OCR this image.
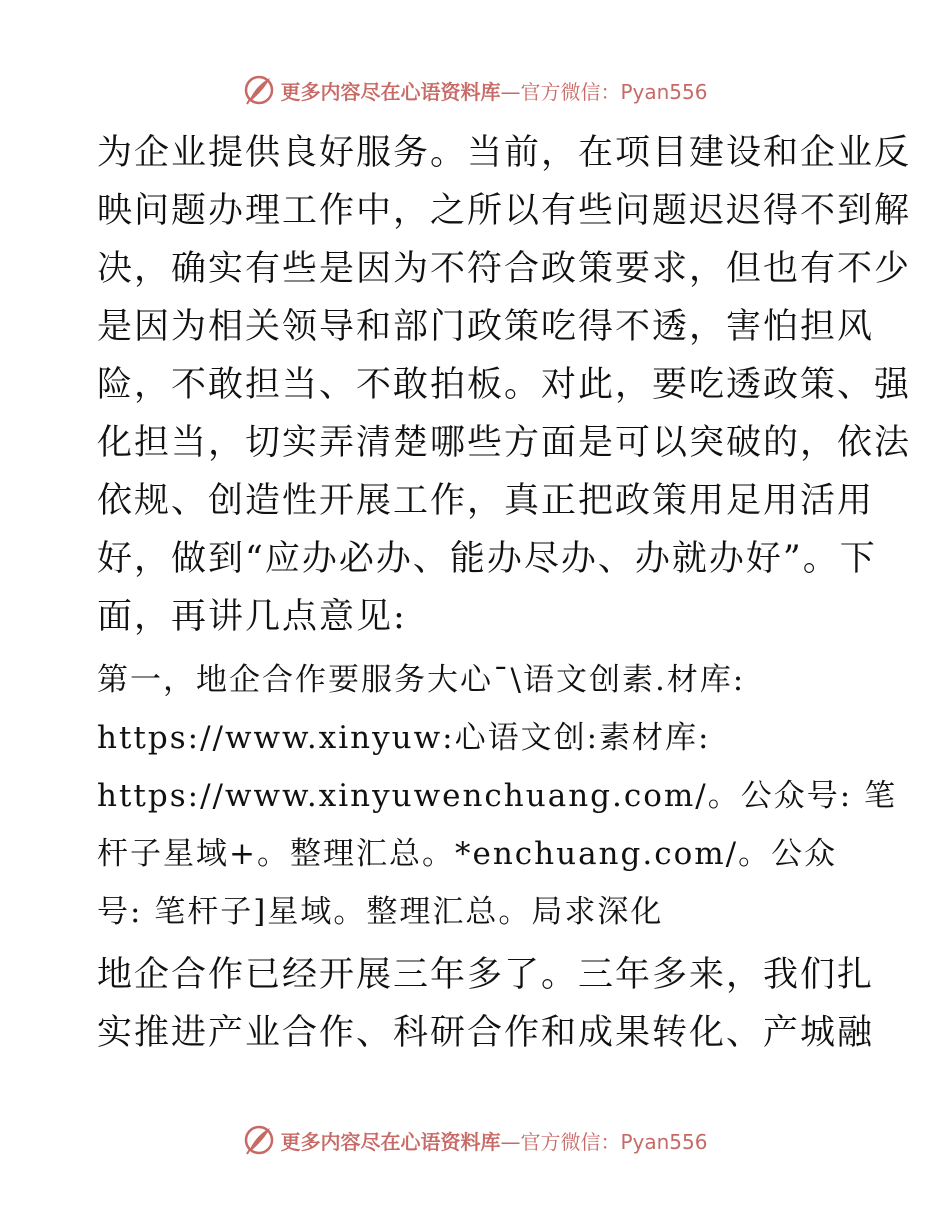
更多内容尽在心语资料库 —官方微信：Pyan556
为企业提供良好服务。当前，在项目建设和企业反
映问题办理工作中，之所以有些问题迟迟得不到解
决，确实有些是因为不符合政策要求，但也有不少
是因为相关领导和部门政策吃得不透，害怕担风
险，不敢担当、不敢拍板。对此，要吃透政策、强
化担当，切实弄清楚哪些方面是可以突破的，依法
依规、创造性开展工作，真正把政策用足用活用
好，做到“应办必办、能办尽办、办就办好”。下
面，再讲几点意见:
第一，地企合作要服务大心¯\语文创素.材库:
https://www.xinyuw:心语文创:素材库:
https://www.xinyuwenchuang.com/。公众号: 笔
杆子星域+。整理汇总。*enchuang.com/。公众
号: 笔杆子]星域。整理汇总。局求深化
地企合作已经开展三年多了。三年多来，我们扎
实推进产业合作、科研合作和成果转化、产城融
更多内容尽在心语资料库 —官方微信：Pyan556
